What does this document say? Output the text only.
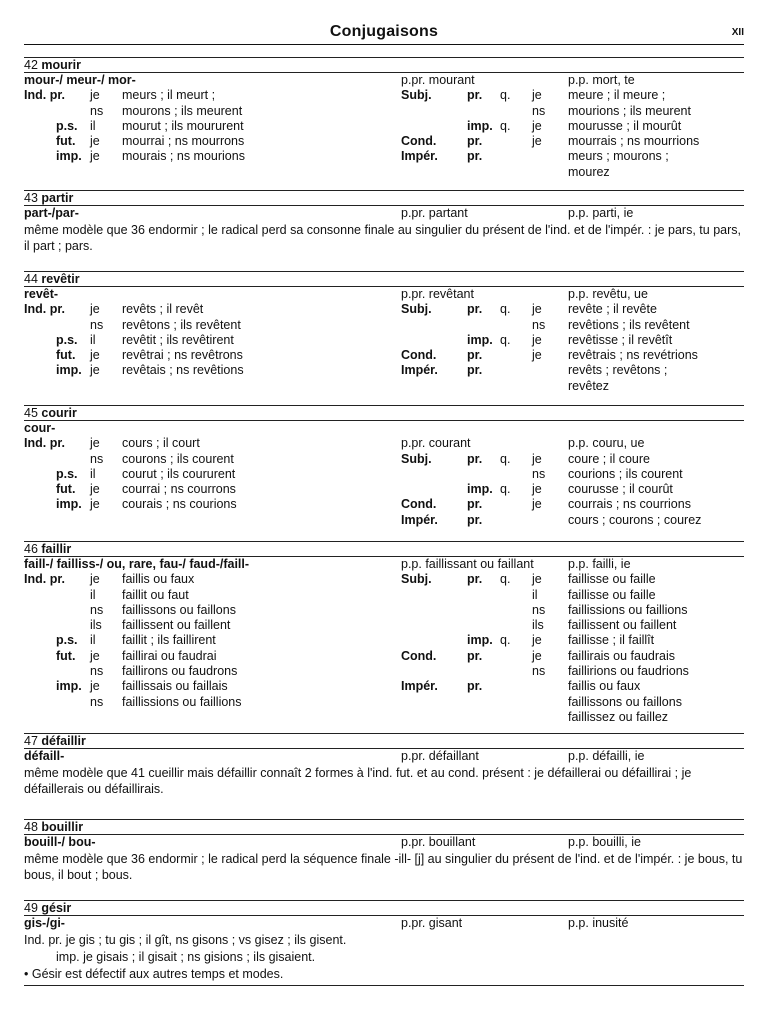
Conjugaisons	XII
42 mourir
mour-/ meur-/ mor-	p.pr. mourant	p.p. mort, te
Ind. pr. je meurs ; il meurt ;	Subj.	pr. q. je meure ; il meure ;
ns mourons ; ils meurent	ns mourions ; ils meurent
p.s. il mourut ; ils moururent	imp. q. je mourusse ; il mourût
fut. je mourrai ; ns mourrons	Cond. pr.	je mourrais ; ns mourrions
imp. je mourais ; ns mourions	Impér. pr.	meurs ; mourons ;
mourez
43 partir
part-/par-	p.pr. partant	p.p. parti, ie
même modèle que 36 endormir ; le radical perd sa consonne finale au singulier du présent de l'ind. et de l'impér. : je pars, tu pars, il part ; pars.
44 revêtir
revêt-	p.pr. revêtant	p.p. revêtu, ue
Ind. pr. je revêts ; il revêt	Subj.	pr. q. je revête ; il revête
ns revêtons ; ils revêtent	ns revêtions ; ils revêtent
p.s. il revêtit ; ils revêtirent	imp. q. je revêtisse ; il revêtît
fut. je revêtrai ; ns revêtrons	Cond. pr.	je revêtrais ; ns revétrions
imp. je revêtais ; ns revêtions	Impér. pr.	revêts ; revêtons ;
revêtez
45 courir
cour-
Ind. pr. je cours ; il court	p.pr. courant	p.p. couru, ue
ns courons ; ils courent	Subj.	pr. q. je coure ; il coure
p.s. il courut ; ils coururent	ns courions ; ils courent
fut. je courrai ; ns courrons	imp. q. je courusse ; il courût
imp. je courais ; ns courions	Cond. pr.	je courrais ; ns courrions
Impér. pr.	cours ; courons ; courez
46 faillir
faill-/ failliss-/ ou, rare, fau-/ faud-/faill-	p.p. faillissant ou faillant	p.p. failli, ie
Ind. pr. je faillis ou faux	Subj.	pr. q. je faillisse ou faille
il faillit ou faut	il faillisse ou faille
ns faillissons ou faillons	ns faillissions ou faillions
ils faillissent ou faillent	ils faillissent ou faillent
p.s. il faillit ; ils faillirent	imp. q. je faillisse ; il faillît
fut. je faillirai ou faudrai	Cond. pr.	je faillirais ou faudrais
ns faillirons ou faudrons	ns faillirions ou faudrions
imp. je faillissais ou faillais	Impér. pr.	faillis ou faux
ns faillissions ou faillions	faillissons ou faillons
faillissez ou faillez
47 défaillir
défaill-	p.pr. défaillant	p.p. défailli, ie
même modèle que 41 cueillir mais défaillir connaît 2 formes à l'ind. fut. et au cond. présent : je défaillerai ou défaillirai ; je défaillerais ou défaillirais.
48 bouillir
bouill-/ bou-	p.pr. bouillant	p.p. bouilli, ie
même modèle que 36 endormir ; le radical perd la séquence finale -ill- [j] au singulier du présent de l'ind. et de l'impér. : je bous, tu bous, il bout ; bous.
49 gésir
gis-/gi-	p.pr. gisant	p.p. inusité
Ind. pr. je gis ; tu gis ; il gît, ns gisons ; vs gisez ; ils gisent.
imp. je gisais ; il gisait ; ns gisions ; ils gisaient.
• Gésir est défectif aux autres temps et modes.
